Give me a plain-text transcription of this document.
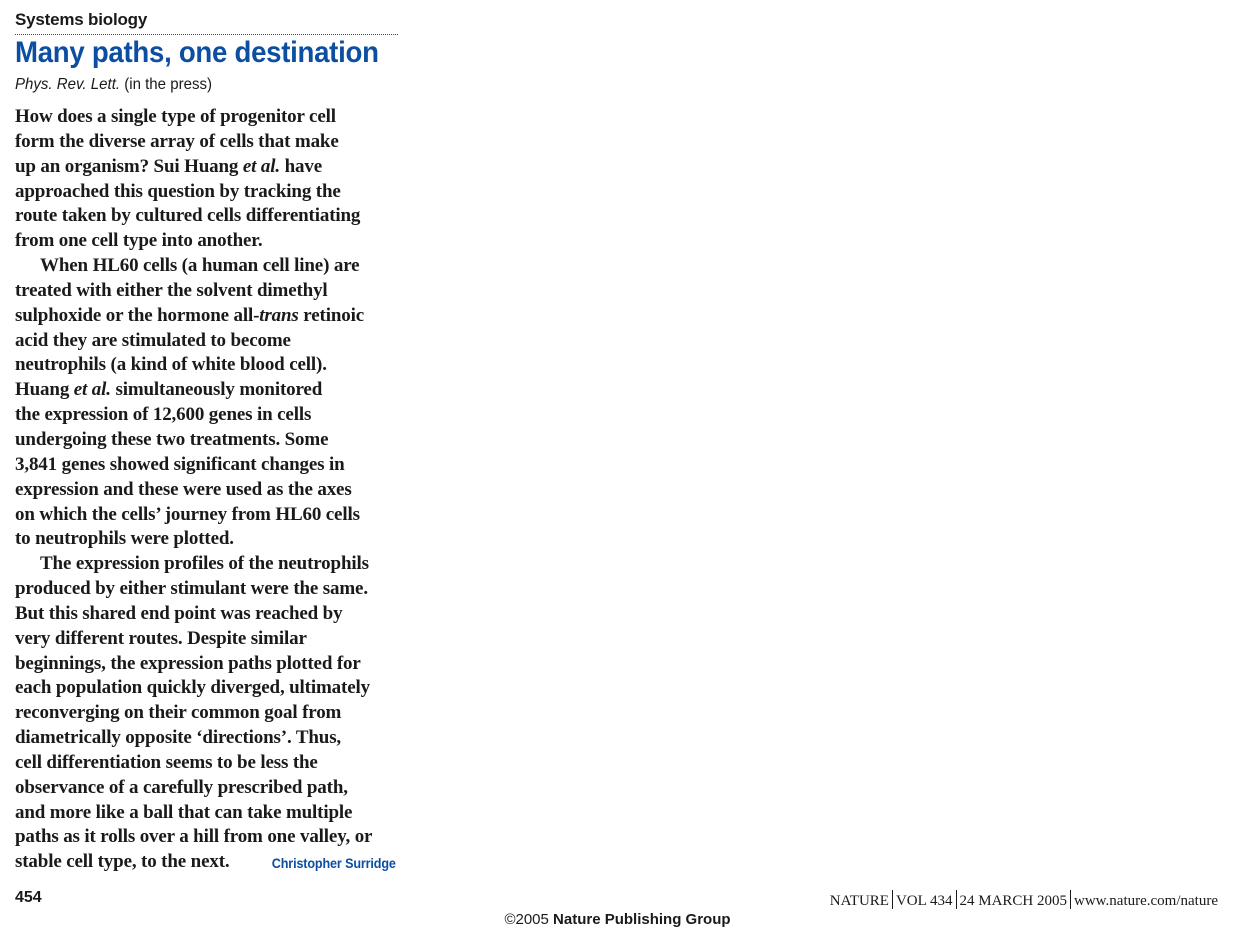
Systems biology
Many paths, one destination
Phys. Rev. Lett. (in the press)
How does a single type of progenitor cell
form the diverse array of cells that make
up an organism? Sui Huang et al. have
approached this question by tracking the
route taken by cultured cells differentiating
from one cell type into another.
When HL60 cells (a human cell line) are
treated with either the solvent dimethyl
sulphoxide or the hormone all-trans retinoic
acid they are stimulated to become
neutrophils (a kind of white blood cell).
Huang et al. simultaneously monitored
the expression of 12,600 genes in cells
undergoing these two treatments. Some
3,841 genes showed significant changes in
expression and these were used as the axes
on which the cells’ journey from HL60 cells
to neutrophils were plotted.
The expression profiles of the neutrophils
produced by either stimulant were the same.
But this shared end point was reached by
very different routes. Despite similar
beginnings, the expression paths plotted for
each population quickly diverged, ultimately
reconverging on their common goal from
diametrically opposite ‘directions’. Thus,
cell differentiation seems to be less the
observance of a carefully prescribed path,
and more like a ball that can take multiple
paths as it rolls over a hill from one valley, or
stable cell type, to the next.	Christopher Surridge
454	NATURE VOL 434 24 MARCH 2005 www.nature.com/nature
©2005 Nature Publishing Group
